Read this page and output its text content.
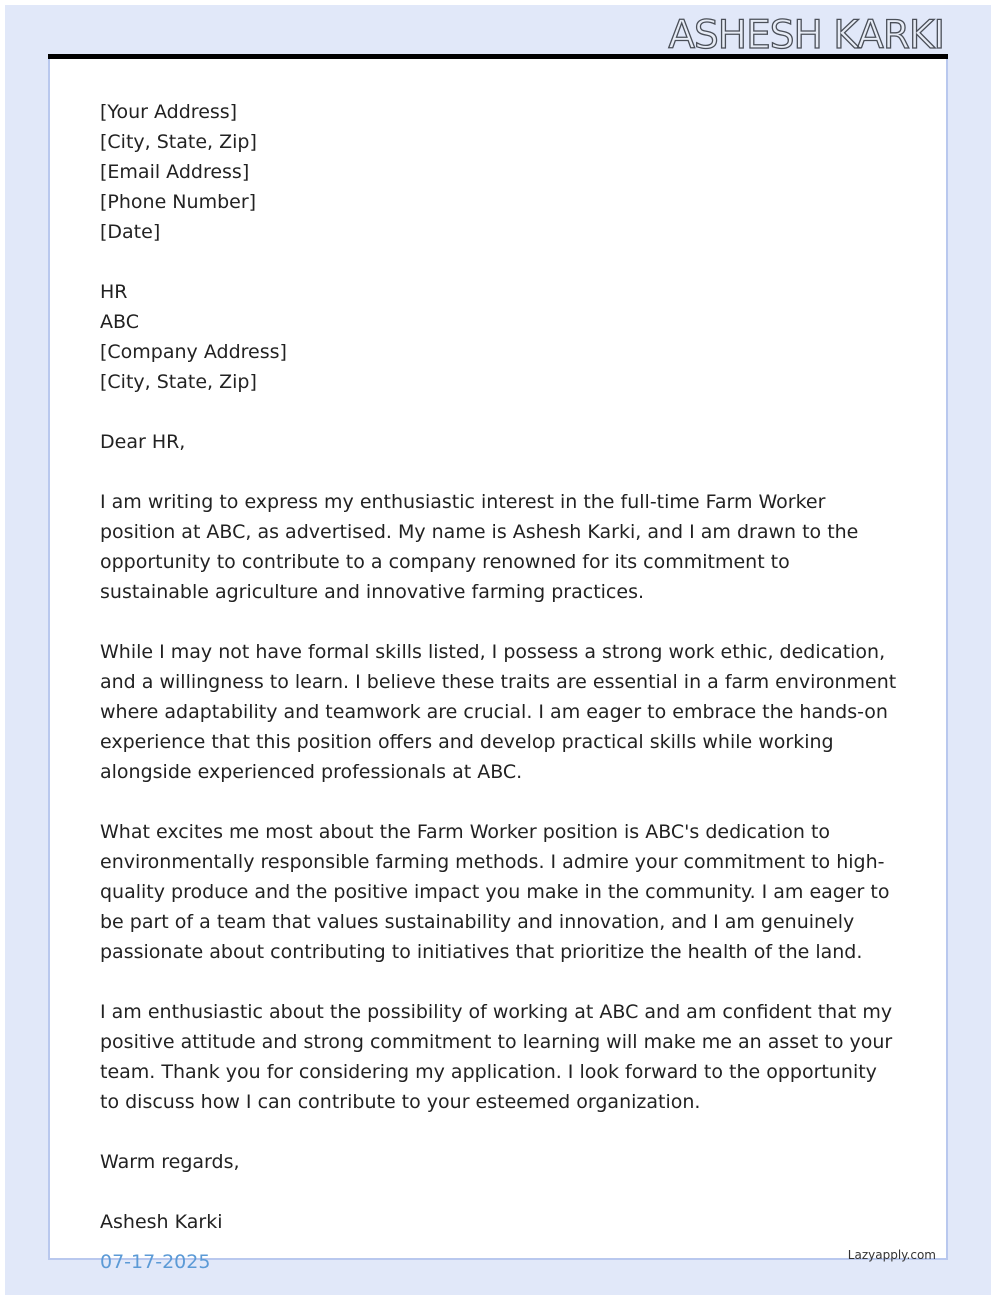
ASHESH KARKI
[Your Address]
[City, State, Zip]
[Email Address]
[Phone Number]
[Date]
HR
ABC
[Company Address]
[City, State, Zip]
Dear HR,
I am writing to express my enthusiastic interest in the full-time Farm Worker position at ABC, as advertised. My name is Ashesh Karki, and I am drawn to the opportunity to contribute to a company renowned for its commitment to sustainable agriculture and innovative farming practices.
While I may not have formal skills listed, I possess a strong work ethic, dedication, and a willingness to learn. I believe these traits are essential in a farm environment where adaptability and teamwork are crucial. I am eager to embrace the hands-on experience that this position offers and develop practical skills while working alongside experienced professionals at ABC.
What excites me most about the Farm Worker position is ABC's dedication to environmentally responsible farming methods. I admire your commitment to high-quality produce and the positive impact you make in the community. I am eager to be part of a team that values sustainability and innovation, and I am genuinely passionate about contributing to initiatives that prioritize the health of the land.
I am enthusiastic about the possibility of working at ABC and am confident that my positive attitude and strong commitment to learning will make me an asset to your team. Thank you for considering my application. I look forward to the opportunity to discuss how I can contribute to your esteemed organization.
Warm regards,
Ashesh Karki
07-17-2025	Lazyapply.com
